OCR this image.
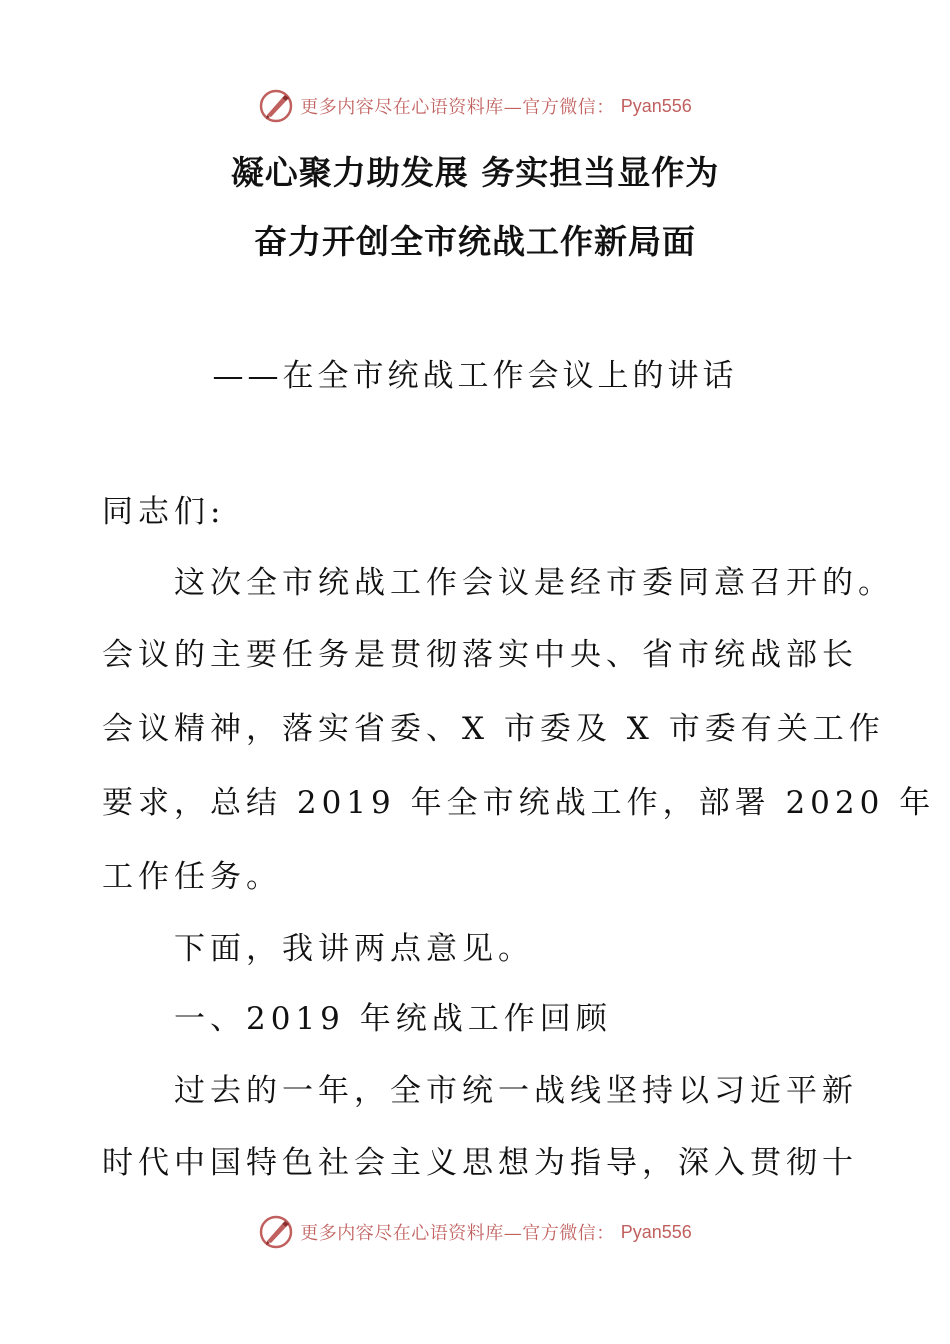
更多内容尽在心语资料库—官方微信： Pyan556
凝心聚力助发展 务实担当显作为
奋力开创全市统战工作新局面
——在全市统战工作会议上的讲话
同志们:
　　这次全市统战工作会议是经市委同意召开的。
会议的主要任务是贯彻落实中央、省市统战部长
会议精神，落实省委、X 市委及 X 市委有关工作
要求，总结 2019 年全市统战工作，部署 2020 年
工作任务。
　　下面，我讲两点意见。
　　一、2019 年统战工作回顾
　　过去的一年，全市统一战线坚持以习近平新
时代中国特色社会主义思想为指导，深入贯彻十
更多内容尽在心语资料库—官方微信： Pyan556
